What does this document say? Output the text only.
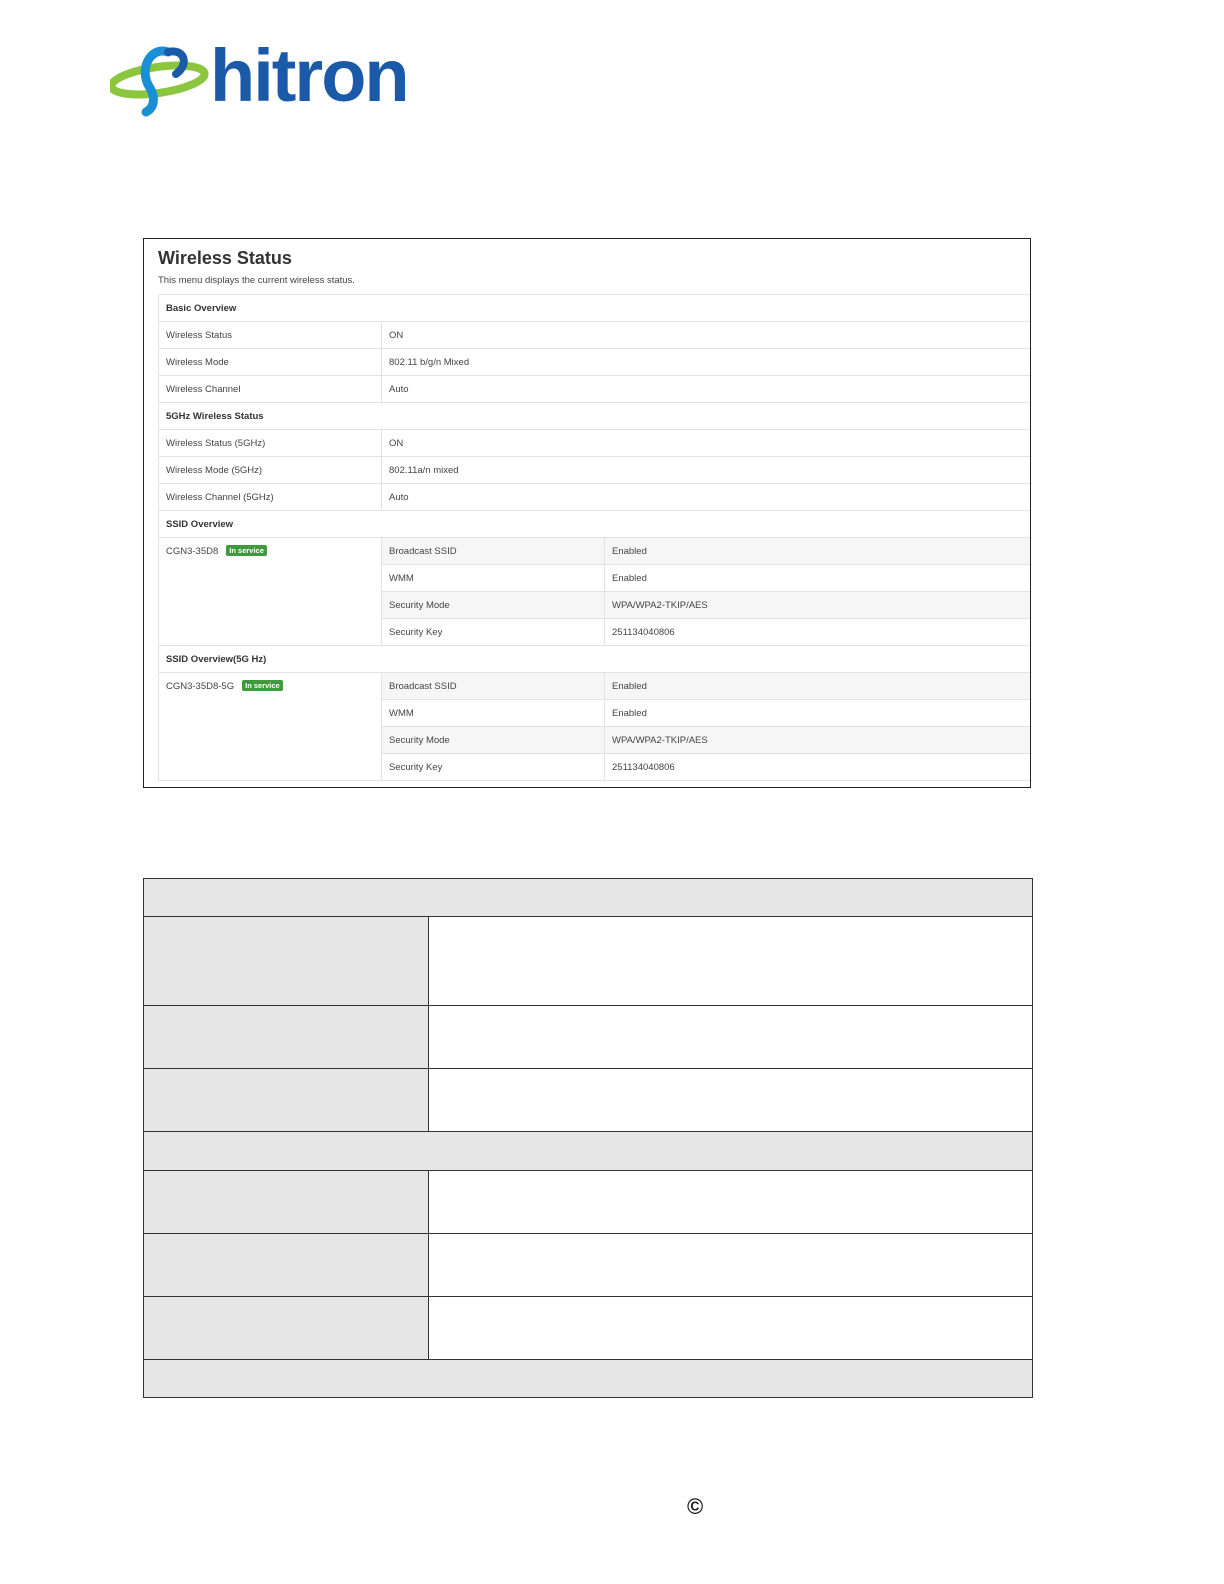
hitron
Wireless Status
This menu displays the current wireless status.
Basic Overview		
Wireless Status	ON	
Wireless Mode	802.11 b/g/n Mixed	
Wireless Channel	Auto	
5GHz Wireless Status		
Wireless Status (5GHz)	ON	
Wireless Mode (5GHz)	802.11a/n mixed	
Wireless Channel (5GHz)	Auto	
SSID Overview		
CGN3-35D8 In service	Broadcast SSID	Enabled
	WMM	Enabled
	Security Mode	WPA/WPA2-TKIP/AES
	Security Key	251134040806
SSID Overview(5G Hz)		
CGN3-35D8-5G In service	Broadcast SSID	Enabled
	WMM	Enabled
	Security Mode	WPA/WPA2-TKIP/AES
	Security Key	251134040806

©
